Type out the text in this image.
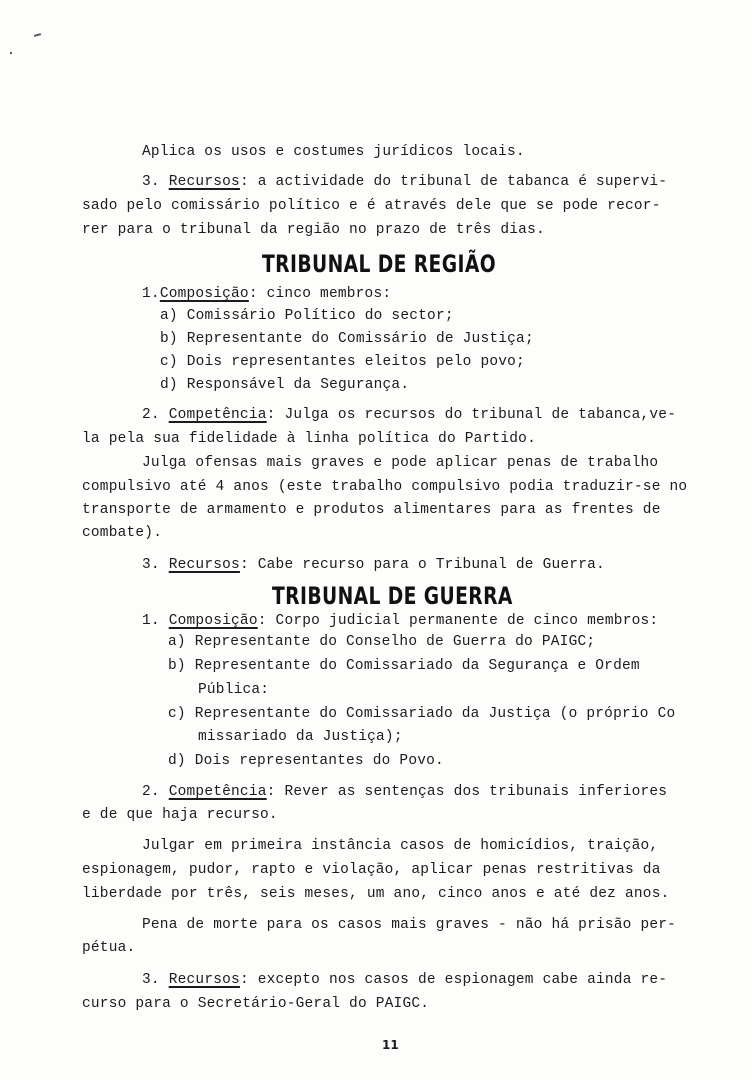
Aplica os usos e costumes jurídicos locais.
3. Recursos: a actividade do tribunal de tabanca é supervi-
sado pelo comissário político e é através dele que se pode recor-
rer para o tribunal da região no prazo de três dias.
TRIBUNAL DE REGIÃO
1.Composição: cinco membros:
a) Comissário Político do sector;
b) Representante do Comissário de Justiça;
c) Dois representantes eleitos pelo povo;
d) Responsável da Segurança.
2. Competência: Julga os recursos do tribunal de tabanca,ve-
la pela sua fidelidade à linha política do Partido.
Julga ofensas mais graves e pode aplicar penas de trabalho
compulsivo até 4 anos (este trabalho compulsivo podia traduzir-se no
transporte de armamento e produtos alimentares para as frentes de
combate).
3. Recursos: Cabe recurso para o Tribunal de Guerra.
TRIBUNAL DE GUERRA
1. Composição: Corpo judicial permanente de cinco membros:
a) Representante do Conselho de Guerra do PAIGC;
b) Representante do Comissariado da Segurança e Ordem
Pública:
c) Representante do Comissariado da Justiça (o próprio Co
missariado da Justiça);
d) Dois representantes do Povo.
2. Competência: Rever as sentenças dos tribunais inferiores
e de que haja recurso.
Julgar em primeira instância casos de homicídios, traição,
espionagem, pudor, rapto e violação, aplicar penas restritivas da
liberdade por três, seis meses, um ano, cinco anos e até dez anos.
Pena de morte para os casos mais graves - não há prisão per-
pétua.
3. Recursos: excepto nos casos de espionagem cabe ainda re-
curso para o Secretário-Geral do PAIGC.
11
